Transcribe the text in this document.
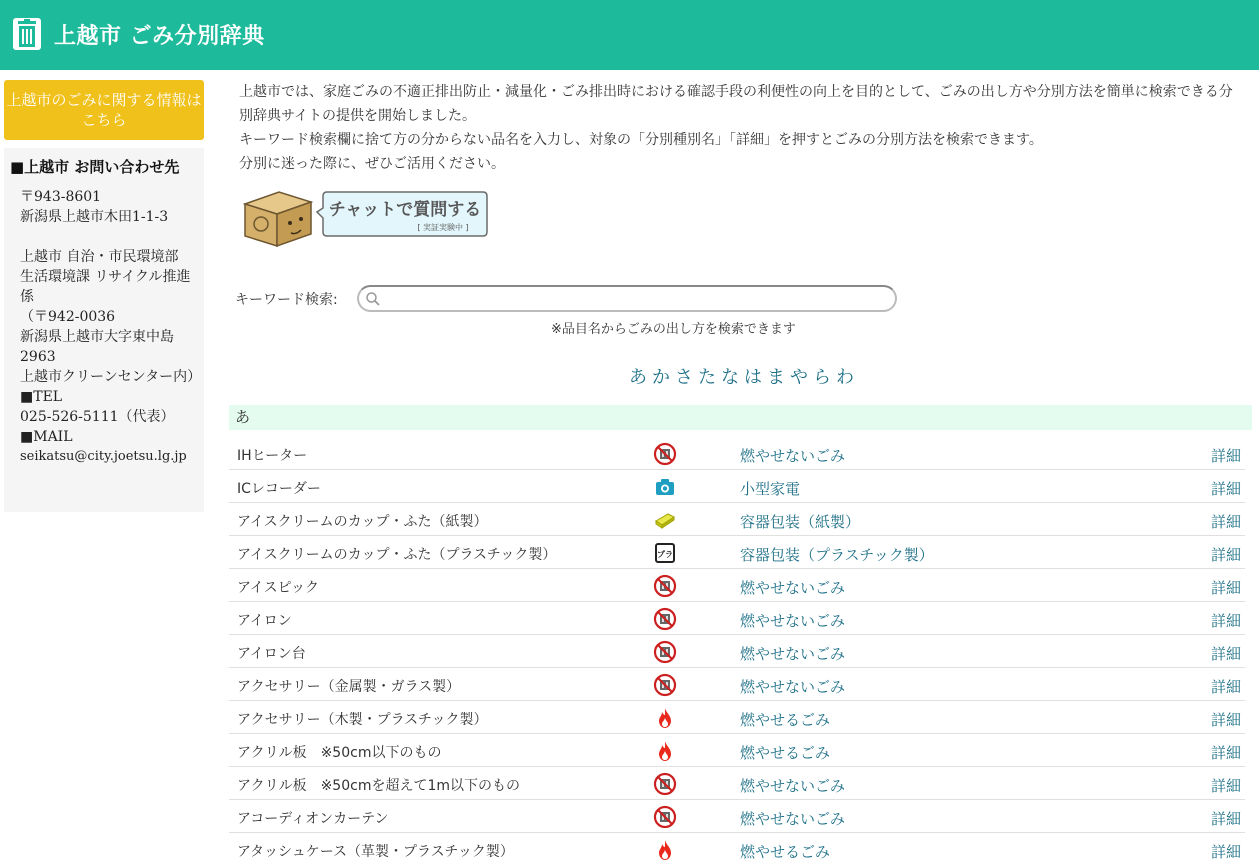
上越市 ごみ分別辞典
上越市のごみに関する情報はこちら
■上越市 お問い合わせ先
〒943-8601
新潟県上越市木田1-1-3
上越市 自治・市民環境部
生活環境課 リサイクル推進係
（〒942-0036
新潟県上越市大字東中島2963
上越市クリーンセンター内）
■TEL
025-526-5111（代表）
■MAIL
seikatsu@city.joetsu.lg.jp
上越市では、家庭ごみの不適正排出防止・減量化・ごみ排出時における確認手段の利便性の向上を目的として、ごみの出し方や分別方法を簡単に検索できる分別辞典サイトの提供を開始しました。
キーワード検索欄に捨て方の分からない品名を入力し、対象の「分別種別名」「詳細」を押すとごみの分別方法を検索できます。
分別に迷った際に、ぜひご活用ください。
チャットで質問する
[ 実証実験中 ]
キーワード検索:
※品目名からごみの出し方を検索できます
あかさたなはまやらわ
あ
IHヒーター	燃やせないごみ	詳細
ICレコーダー	小型家電	詳細
アイスクリームのカップ・ふた（紙製）	容器包装（紙製）	詳細
アイスクリームのカップ・ふた（プラスチック製）	プラ	容器包装（プラスチック製）	詳細
アイスピック	燃やせないごみ	詳細
アイロン	燃やせないごみ	詳細
アイロン台	燃やせないごみ	詳細
アクセサリー（金属製・ガラス製）	燃やせないごみ	詳細
アクセサリー（木製・プラスチック製）	燃やせるごみ	詳細
アクリル板　※50cm以下のもの	燃やせるごみ	詳細
アクリル板　※50cmを超えて1m以下のもの	燃やせないごみ	詳細
アコーディオンカーテン	燃やせないごみ	詳細
アタッシュケース（革製・プラスチック製）	燃やせるごみ	詳細
